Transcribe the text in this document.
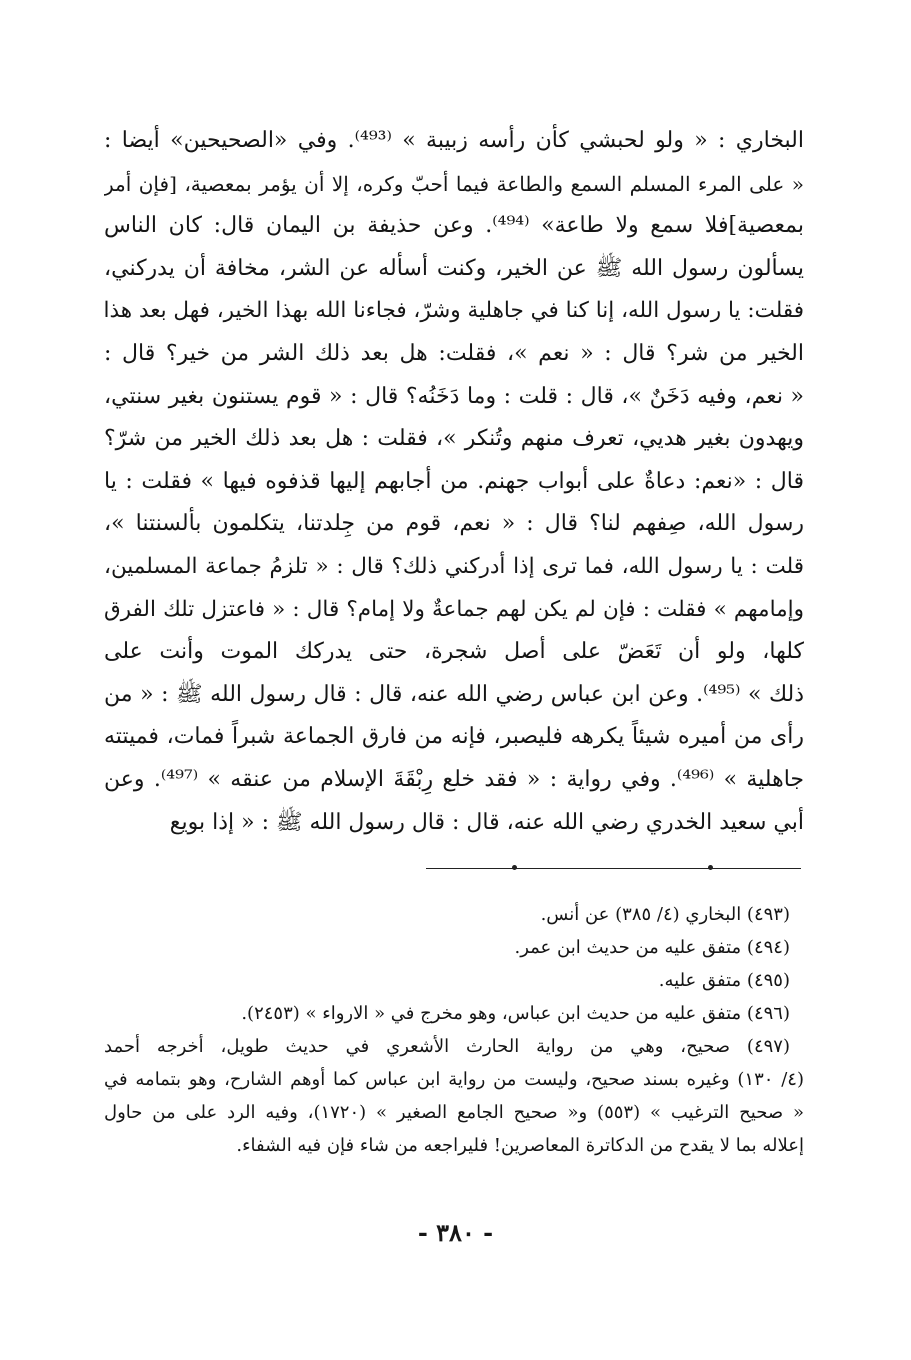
البخاري : « ولو لحبشي كأن رأسه زبيبة » ⁽⁴⁹³⁾. وفي «الصحيحين» أيضا :
« على المرء المسلم السمع والطاعة فيما أحبّ وكره، إلا أن يؤمر بمعصية، [فإن أمر
بمعصية]فلا سمع ولا طاعة» ⁽⁴⁹⁴⁾. وعن حذيفة بن اليمان قال: كان الناس
يسألون رسول الله ﷺ عن الخير، وكنت أسأله عن الشر، مخافة أن يدركني،
فقلت: يا رسول الله، إنا كنا في جاهلية وشرّ، فجاءنا الله بهذا الخير، فهل بعد هذا
الخير من شر؟ قال : « نعم »، فقلت: هل بعد ذلك الشر من خير؟ قال :
« نعم، وفيه دَخَنٌ »، قال : قلت : وما دَخَنُه؟ قال : « قوم يستنون بغير سنتي،
ويهدون بغير هديي، تعرف منهم وتُنكر »، فقلت : هل بعد ذلك الخير من شرّ؟
قال : «نعم: دعاةٌ على أبواب جهنم. من أجابهم إليها قذفوه فيها » فقلت : يا
رسول الله، صِفهم لنا؟ قال : « نعم، قوم من جِلدتنا، يتكلمون بألسنتنا »،
قلت : يا رسول الله، فما ترى إذا أدركني ذلك؟ قال : « تلزمُ جماعة المسلمين،
وإمامهم » فقلت : فإن لم يكن لهم جماعةٌ ولا إمام؟ قال : « فاعتزل تلك الفرق
كلها، ولو أن تَعَضّ على أصل شجرة، حتى يدركك الموت وأنت على
ذلك » ⁽⁴⁹⁵⁾. وعن ابن عباس رضي الله عنه، قال : قال رسول الله ﷺ : « من
رأى من أميره شيئاً يكرهه فليصبر، فإنه من فارق الجماعة شبراً فمات، فميتته
جاهلية » ⁽⁴⁹⁶⁾. وفي رواية : « فقد خلع رِبْقَةَ الإسلام من عنقه » ⁽⁴⁹⁷⁾. وعن
أبي سعيد الخدري رضي الله عنه، قال : قال رسول الله ﷺ : « إذا بويع
(٤٩٣) البخاري (٤/ ٣٨٥) عن أنس.
(٤٩٤) متفق عليه من حديث ابن عمر.
(٤٩٥) متفق عليه.
(٤٩٦) متفق عليه من حديث ابن عباس، وهو مخرج في « الارواء » (٢٤٥٣).
(٤٩٧) صحيح، وهي من رواية الحارث الأشعري في حديث طويل، أخرجه أحمد
(٤/ ١٣٠) وغيره بسند صحيح، وليست من رواية ابن عباس كما أوهم الشارح، وهو بتمامه في
« صحيح الترغيب » (٥٥٣) و« صحيح الجامع الصغير » (١٧٢٠)، وفيه الرد على من حاول
إعلاله بما لا يقدح من الدكاترة المعاصرين! فليراجعه من شاء فإن فيه الشفاء.
- ٣٨٠ -
